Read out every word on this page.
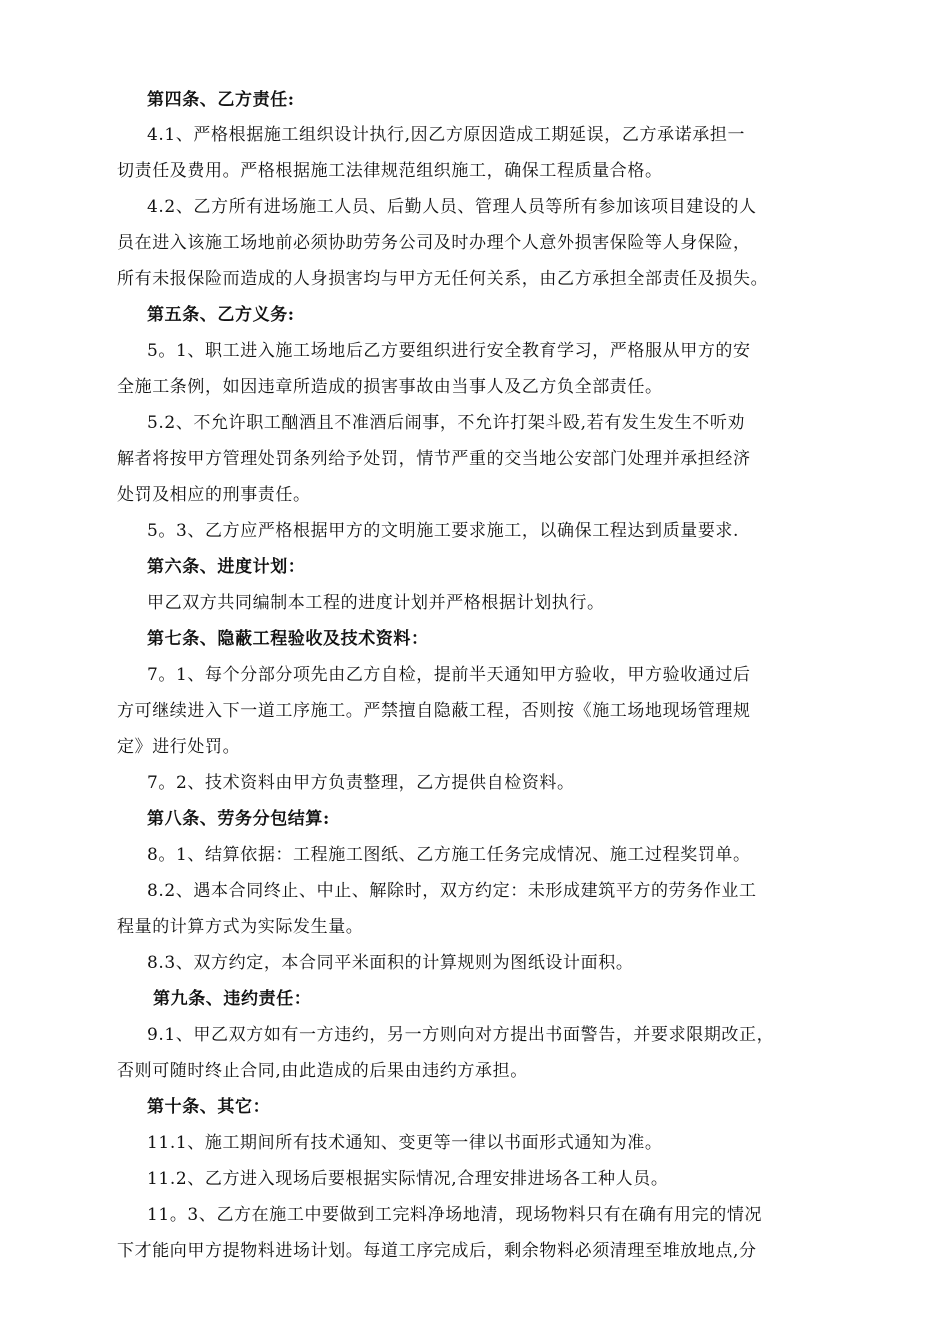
第四条、乙方责任:
4.1、严格根据施工组织设计执行,因乙方原因造成工期延误，乙方承诺承担一
切责任及费用。严格根据施工法律规范组织施工，确保工程质量合格。
4.2、乙方所有进场施工人员、后勤人员、管理人员等所有参加该项目建设的人
员在进入该施工场地前必须协助劳务公司及时办理个人意外损害保险等人身保险，
所有未报保险而造成的人身损害均与甲方无任何关系，由乙方承担全部责任及损失。
第五条、乙方义务:
5。1、职工进入施工场地后乙方要组织进行安全教育学习，严格服从甲方的安
全施工条例，如因违章所造成的损害事故由当事人及乙方负全部责任。
5.2、不允许职工酗酒且不准酒后闹事，不允许打架斗殴,若有发生发生不听劝
解者将按甲方管理处罚条列给予处罚，情节严重的交当地公安部门处理并承担经济
处罚及相应的刑事责任。
5。3、乙方应严格根据甲方的文明施工要求施工，以确保工程达到质量要求.
第六条、进度计划：
甲乙双方共同编制本工程的进度计划并严格根据计划执行。
第七条、隐蔽工程验收及技术资料：
7。1、每个分部分项先由乙方自检，提前半天通知甲方验收，甲方验收通过后
方可继续进入下一道工序施工。严禁擅自隐蔽工程，否则按《施工场地现场管理规
定》进行处罚。
7。2、技术资料由甲方负责整理，乙方提供自检资料。
第八条、劳务分包结算:
8。1、结算依据：工程施工图纸、乙方施工任务完成情况、施工过程奖罚单。
8.2、遇本合同终止、中止、解除时，双方约定：未形成建筑平方的劳务作业工
程量的计算方式为实际发生量。
8.3、双方约定，本合同平米面积的计算规则为图纸设计面积。
第九条、违约责任：
9.1、甲乙双方如有一方违约，另一方则向对方提出书面警告，并要求限期改正，
否则可随时终止合同,由此造成的后果由违约方承担。
第十条、其它：
11.1、施工期间所有技术通知、变更等一律以书面形式通知为准。
11.2、乙方进入现场后要根据实际情况,合理安排进场各工种人员。
11。3、乙方在施工中要做到工完料净场地清，现场物料只有在确有用完的情况
下才能向甲方提物料进场计划。每道工序完成后，剩余物料必须清理至堆放地点,分
